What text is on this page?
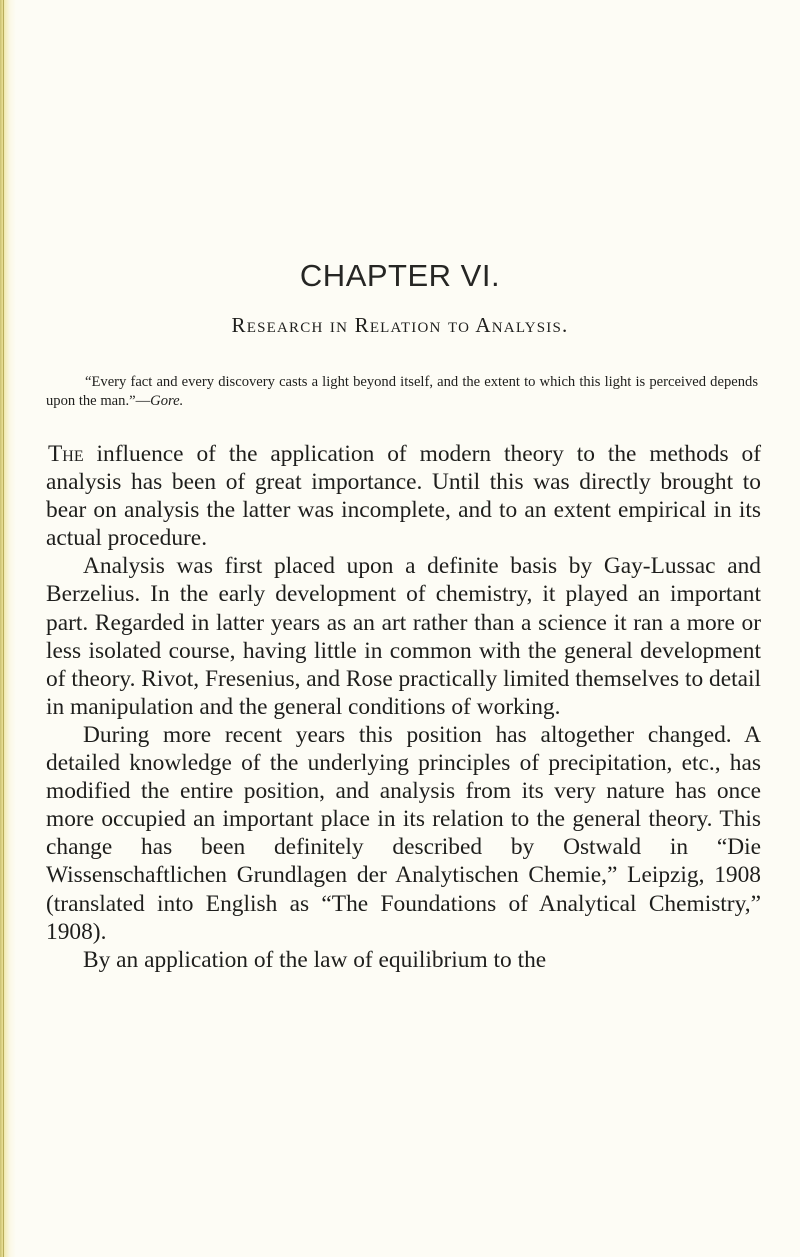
CHAPTER VI.
Research in Relation to Analysis.

“Every fact and every discovery casts a light beyond itself, and the extent to which this light is perceived depends upon the man.”—Gore.

The influence of the application of modern theory to the methods of analysis has been of great importance. Until this was directly brought to bear on analysis the latter was incomplete, and to an extent empirical in its actual procedure.

Analysis was first placed upon a definite basis by Gay-Lussac and Berzelius. In the early development of chemistry, it played an important part. Regarded in latter years as an art rather than a science it ran a more or less isolated course, having little in common with the general development of theory. Rivot, Fresenius, and Rose practically limited themselves to detail in manipulation and the general conditions of working.

During more recent years this position has altogether changed. A detailed knowledge of the underlying principles of precipitation, etc., has modified the entire position, and analysis from its very nature has once more occupied an important place in its relation to the general theory. This change has been definitely described by Ostwald in “Die Wissenschaftlichen Grundlagen der Analytischen Chemie,” Leipzig, 1908 (translated into English as “The Foundations of Analytical Chemistry,” 1908).

By an application of the law of equilibrium to the
